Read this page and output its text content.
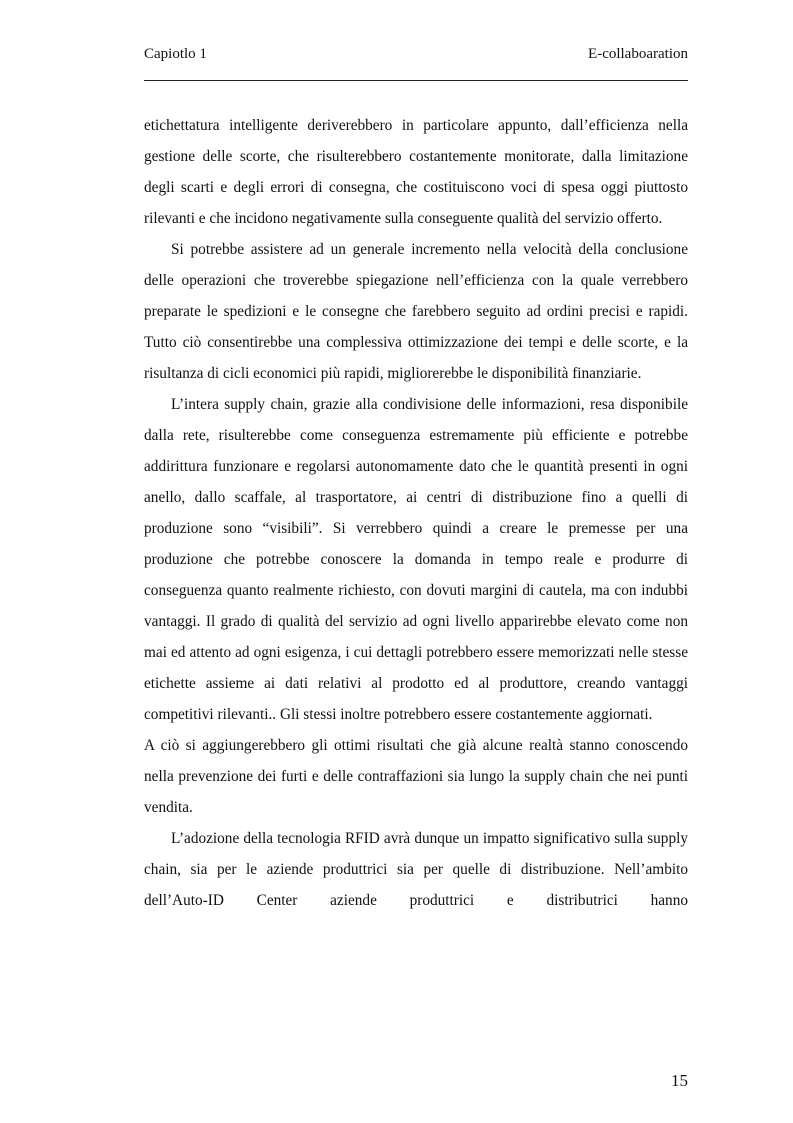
Capiotlo 1	E-collaboaration

etichettatura intelligente deriverebbero in particolare appunto, dall’efficienza nella gestione delle scorte, che risulterebbero costantemente monitorate, dalla limitazione degli scarti e degli errori di consegna, che costituiscono voci di spesa oggi piuttosto rilevanti e che incidono negativamente sulla conseguente qualità del servizio offerto.

Si potrebbe assistere ad un generale incremento nella velocità della conclusione delle operazioni che troverebbe spiegazione nell’efficienza con la quale verrebbero preparate le spedizioni e le consegne che farebbero seguito ad ordini precisi e rapidi. Tutto ciò consentirebbe una complessiva ottimizzazione dei tempi e delle scorte, e la risultanza di cicli economici più rapidi, migliorerebbe le disponibilità finanziarie.

L’intera supply chain, grazie alla condivisione delle informazioni, resa disponibile dalla rete, risulterebbe come conseguenza estremamente più efficiente e potrebbe addirittura funzionare e regolarsi autonomamente dato che le quantità presenti in ogni anello, dallo scaffale, al trasportatore, ai centri di distribuzione fino a quelli di produzione sono “visibili”. Si verrebbero quindi a creare le premesse per una produzione che potrebbe conoscere la domanda in tempo reale e produrre di conseguenza quanto realmente richiesto, con dovuti margini di cautela, ma con indubbi vantaggi. Il grado di qualità del servizio ad ogni livello apparirebbe elevato come non mai ed attento ad ogni esigenza, i cui dettagli potrebbero essere memorizzati nelle stesse etichette assieme ai dati relativi al prodotto ed al produttore, creando vantaggi competitivi rilevanti.. Gli stessi inoltre potrebbero essere costantemente aggiornati.

A ciò si aggiungerebbero gli ottimi risultati che già alcune realtà stanno conoscendo nella prevenzione dei furti e delle contraffazioni sia lungo la supply chain che nei punti vendita.

L’adozione della tecnologia RFID avrà dunque un impatto significativo sulla supply chain, sia per le aziende produttrici sia per quelle di distribuzione. Nell’ambito dell’Auto-ID Center aziende produttrici e distributrici hanno

15
